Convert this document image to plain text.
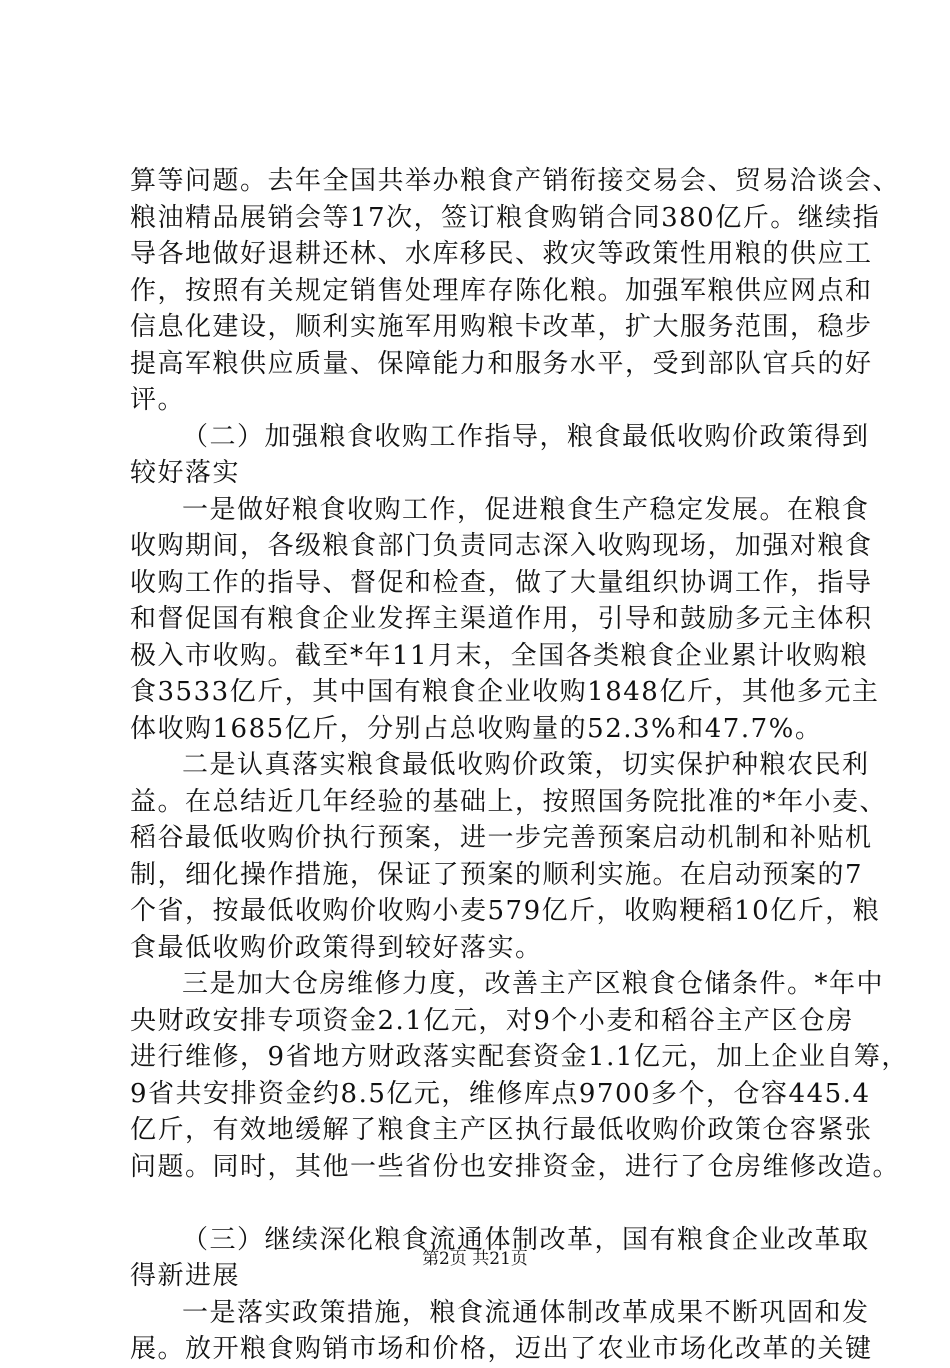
算等问题。去年全国共举办粮食产销衔接交易会、贸易洽谈会、
粮油精品展销会等17次，签订粮食购销合同380亿斤。继续指
导各地做好退耕还林、水库移民、救灾等政策性用粮的供应工
作，按照有关规定销售处理库存陈化粮。加强军粮供应网点和
信息化建设，顺利实施军用购粮卡改革，扩大服务范围，稳步
提高军粮供应质量、保障能力和服务水平，受到部队官兵的好
评。
（二）加强粮食收购工作指导，粮食最低收购价政策得到
较好落实
一是做好粮食收购工作，促进粮食生产稳定发展。在粮食
收购期间，各级粮食部门负责同志深入收购现场，加强对粮食
收购工作的指导、督促和检查，做了大量组织协调工作，指导
和督促国有粮食企业发挥主渠道作用，引导和鼓励多元主体积
极入市收购。截至*年11月末，全国各类粮食企业累计收购粮
食3533亿斤，其中国有粮食企业收购1848亿斤，其他多元主
体收购1685亿斤，分别占总收购量的52.3%和47.7%。
二是认真落实粮食最低收购价政策，切实保护种粮农民利
益。在总结近几年经验的基础上，按照国务院批准的*年小麦、
稻谷最低收购价执行预案，进一步完善预案启动机制和补贴机
制，细化操作措施，保证了预案的顺利实施。在启动预案的7
个省，按最低收购价收购小麦579亿斤，收购粳稻10亿斤，粮
食最低收购价政策得到较好落实。
三是加大仓房维修力度，改善主产区粮食仓储条件。*年中
央财政安排专项资金2.1亿元，对9个小麦和稻谷主产区仓房
进行维修，9省地方财政落实配套资金1.1亿元，加上企业自筹，
9省共安排资金约8.5亿元，维修库点9700多个，仓容445.4
亿斤，有效地缓解了粮食主产区执行最低收购价政策仓容紧张
问题。同时，其他一些省份也安排资金，进行了仓房维修改造。
（三）继续深化粮食流通体制改革，国有粮食企业改革取
得新进展
一是落实政策措施，粮食流通体制改革成果不断巩固和发
展。放开粮食购销市场和价格，迈出了农业市场化改革的关键
第2页 共21页
